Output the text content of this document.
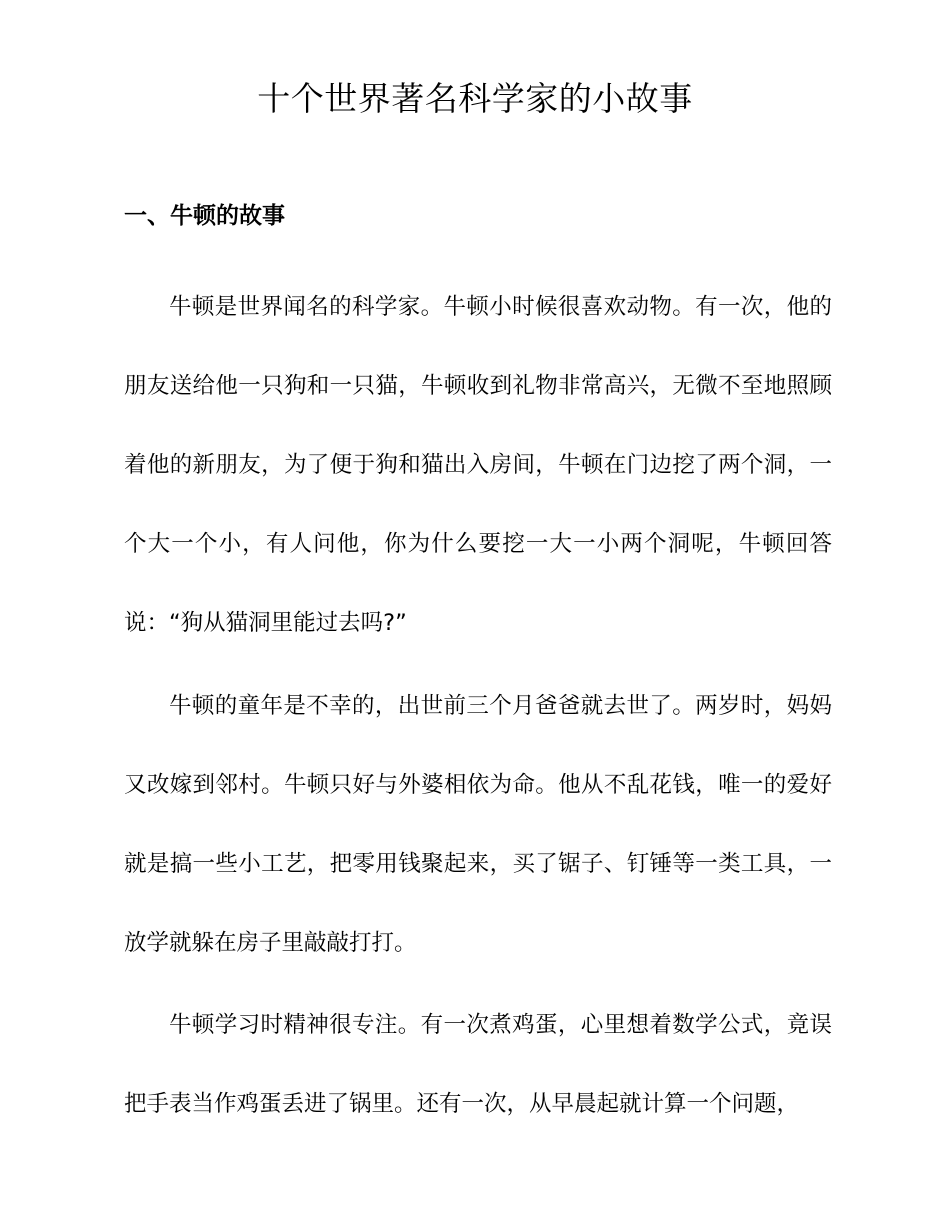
十个世界著名科学家的小故事
一、牛顿的故事

牛顿是世界闻名的科学家。牛顿小时候很喜欢动物。有一次，他的朋友送给他一只狗和一只猫，牛顿收到礼物非常高兴，无微不至地照顾着他的新朋友，为了便于狗和猫出入房间，牛顿在门边挖了两个洞，一个大一个小，有人问他，你为什么要挖一大一小两个洞呢，牛顿回答说：“狗从猫洞里能过去吗?”

牛顿的童年是不幸的，出世前三个月爸爸就去世了。两岁时，妈妈又改嫁到邻村。牛顿只好与外婆相依为命。他从不乱花钱，唯一的爱好就是搞一些小工艺，把零用钱聚起来，买了锯子、钉锤等一类工具，一放学就躲在房子里敲敲打打。

牛顿学习时精神很专注。有一次煮鸡蛋，心里想着数学公式，竟误把手表当作鸡蛋丢进了锅里。还有一次，从早晨起就计算一个问题，
